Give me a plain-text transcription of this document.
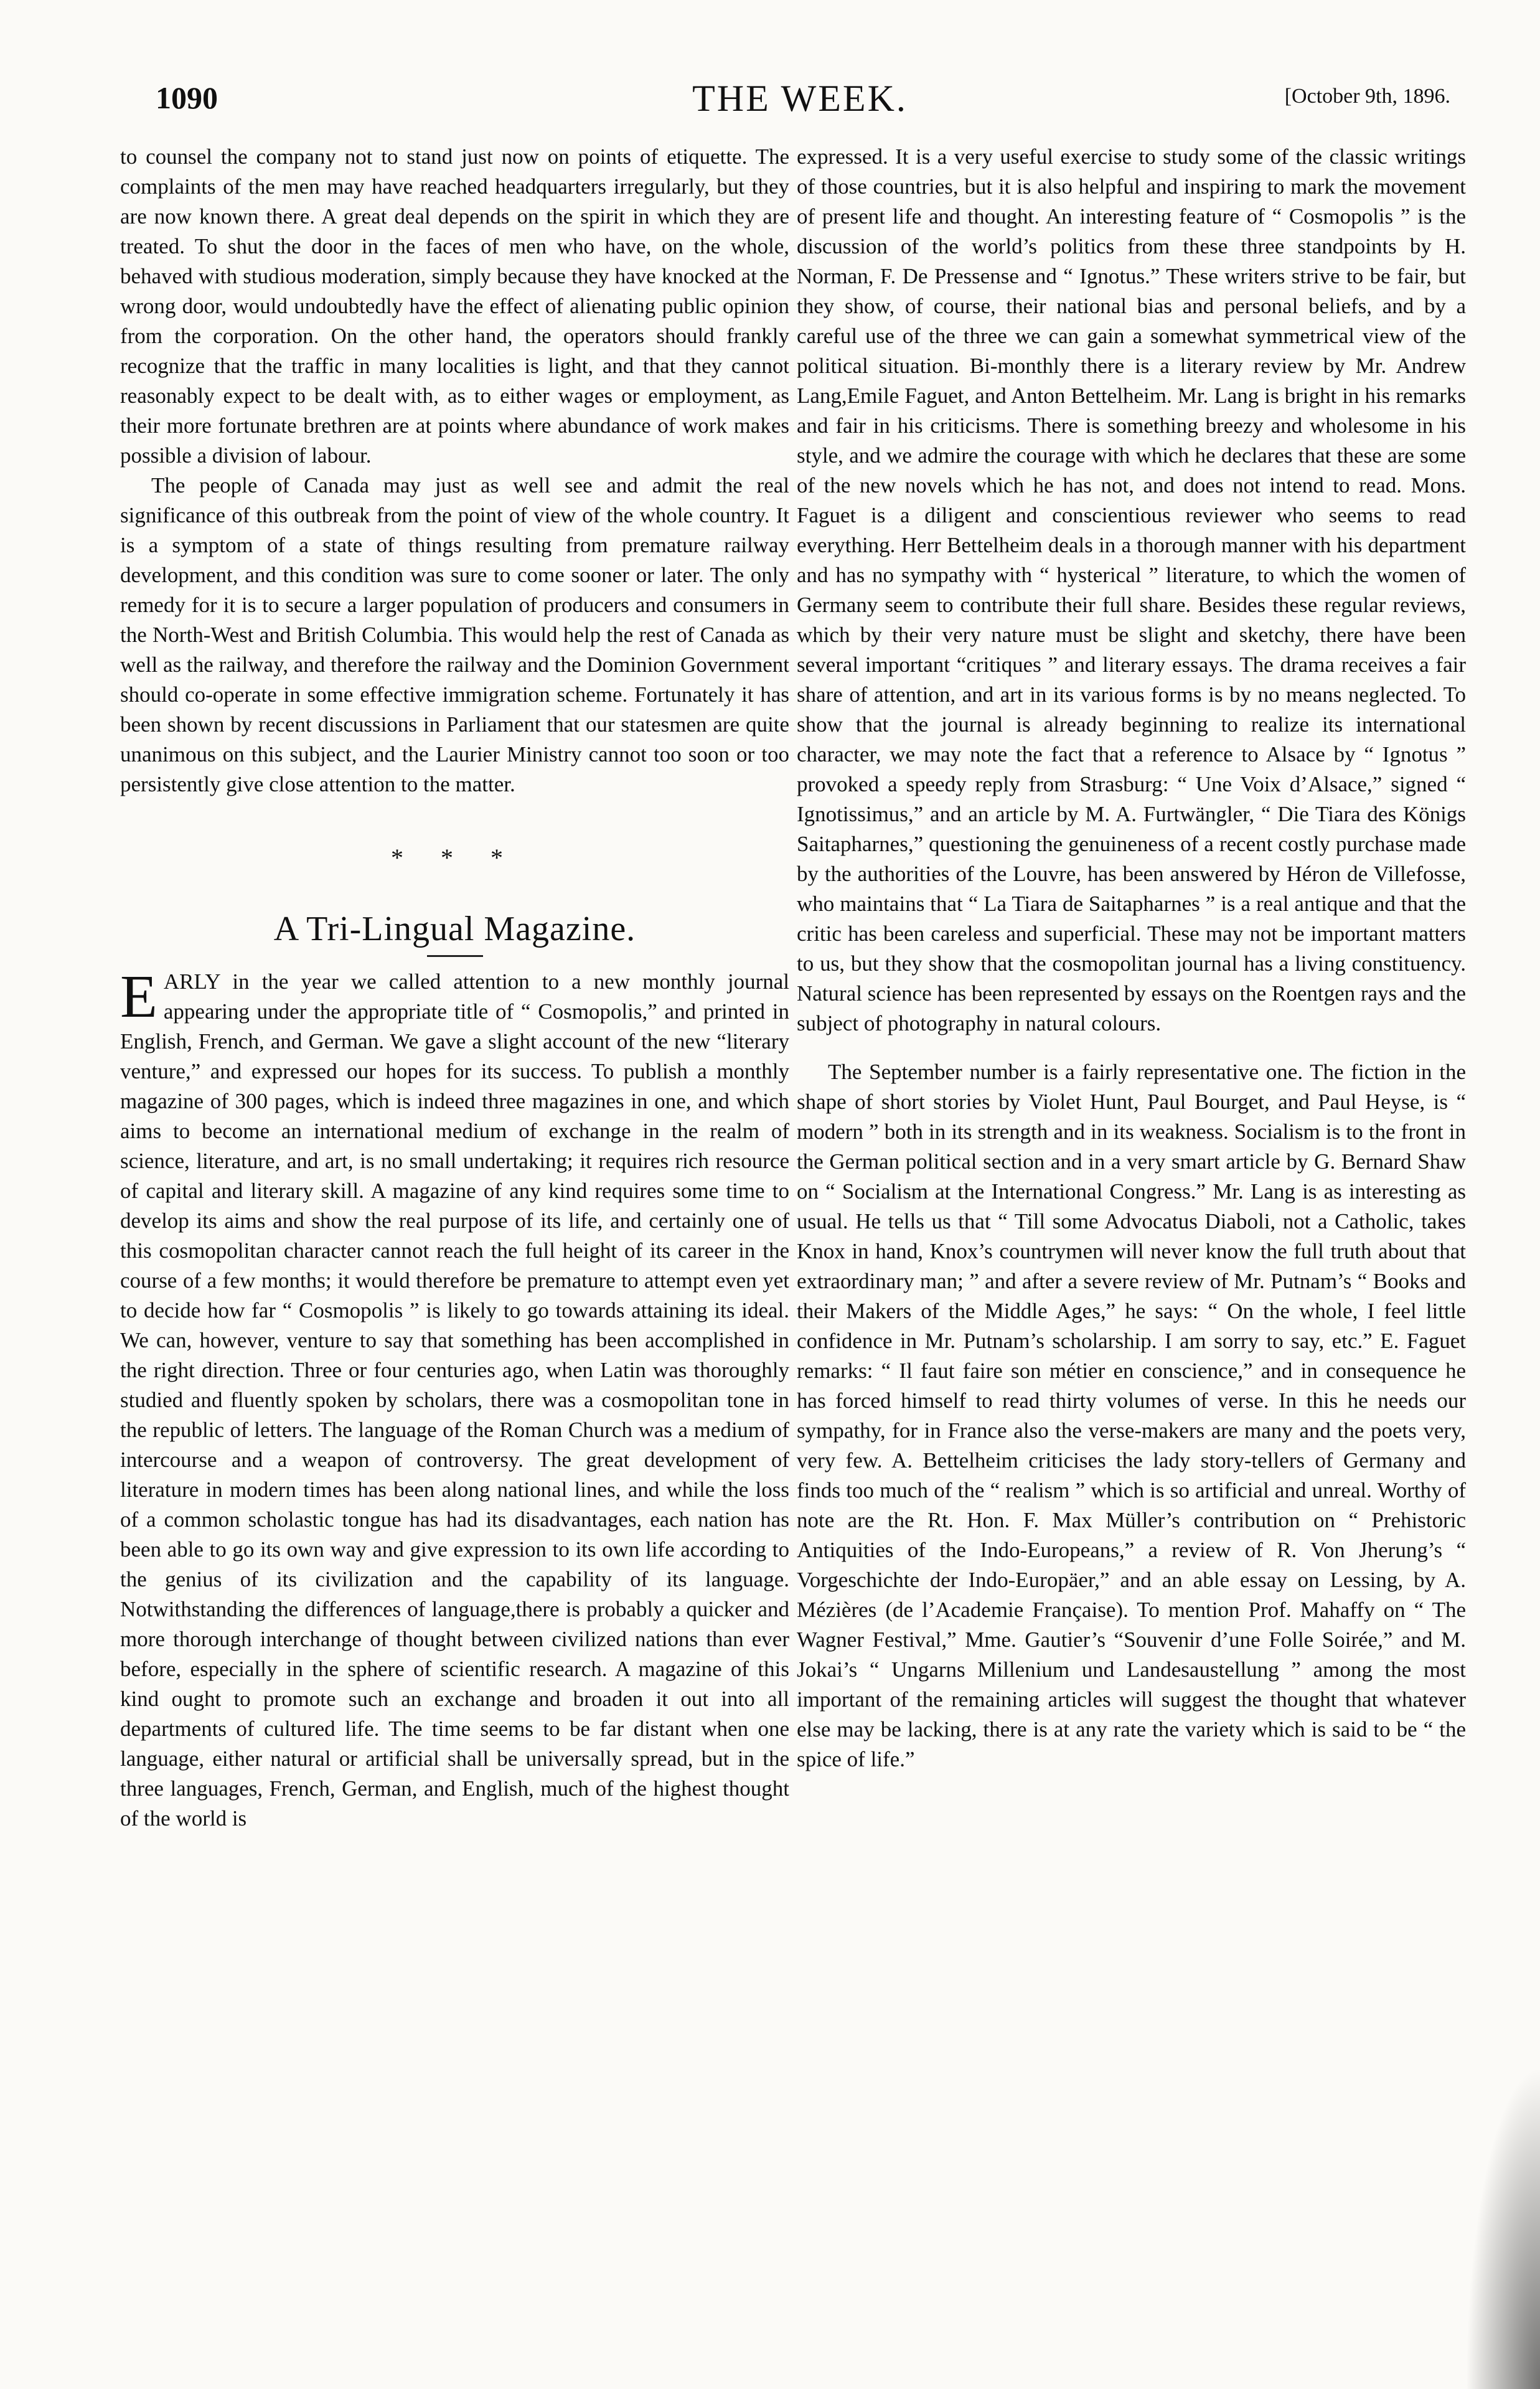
1090	THE WEEK.	[October 9th, 1896.

to counsel the company not to stand just now on points of etiquette. The complaints of the men may have reached headquarters irregularly, but they are now known there. A great deal depends on the spirit in which they are treated. To shut the door in the faces of men who have, on the whole, behaved with studious moderation, simply because they have knocked at the wrong door, would undoubtedly have the effect of alienating public opinion from the corporation. On the other hand, the operators should frankly recognize that the traffic in many localities is light, and that they cannot reasonably expect to be dealt with, as to either wages or employment, as their more fortunate brethren are at points where abundance of work makes possible a division of labour.

The people of Canada may just as well see and admit the real significance of this outbreak from the point of view of the whole country. It is a symptom of a state of things resulting from premature railway development, and this condition was sure to come sooner or later. The only remedy for it is to secure a larger population of producers and consumers in the North-West and British Columbia. This would help the rest of Canada as well as the railway, and therefore the railway and the Dominion Government should co-operate in some effective immigration scheme. Fortunately it has been shown by recent discussions in Parliament that our statesmen are quite unanimous on this subject, and the Laurier Ministry cannot too soon or too persistently give close attention to the matter.

* * *
A Tri-Lingual Magazine.

EARLY in the year we called attention to a new monthly journal appearing under the appropriate title of “ Cosmopolis,” and printed in English, French, and German. We gave a slight account of the new “literary venture,” and expressed our hopes for its success. To publish a monthly magazine of 300 pages, which is indeed three magazines in one, and which aims to become an international medium of exchange in the realm of science, literature, and art, is no small undertaking; it requires rich resource of capital and literary skill. A magazine of any kind requires some time to develop its aims and show the real purpose of its life, and certainly one of this cosmopolitan character cannot reach the full height of its career in the course of a few months; it would therefore be premature to attempt even yet to decide how far “ Cosmopolis ” is likely to go towards attaining its ideal. We can, however, venture to say that something has been accomplished in the right direction. Three or four centuries ago, when Latin was thoroughly studied and fluently spoken by scholars, there was a cosmopolitan tone in the republic of letters. The language of the Roman Church was a medium of intercourse and a weapon of controversy. The great development of literature in modern times has been along national lines, and while the loss of a common scholastic tongue has had its disadvantages, each nation has been able to go its own way and give expression to its own life according to the genius of its civilization and the capability of its language. Notwithstanding the differences of language,there is probably a quicker and more thorough interchange of thought between civilized nations than ever before, especially in the sphere of scientific research. A magazine of this kind ought to promote such an exchange and broaden it out into all departments of cultured life. The time seems to be far distant when one language, either natural or artificial shall be universally spread, but in the three languages, French, German, and English, much of the highest thought of the world is

expressed. It is a very useful exercise to study some of the classic writings of those countries, but it is also helpful and inspiring to mark the movement of present life and thought. An interesting feature of “ Cosmopolis ” is the discussion of the world’s politics from these three standpoints by H. Norman, F. De Pressense and “ Ignotus.” These writers strive to be fair, but they show, of course, their national bias and personal beliefs, and by a careful use of the three we can gain a somewhat symmetrical view of the political situation. Bi-monthly there is a literary review by Mr. Andrew Lang,Emile Faguet, and Anton Bettelheim. Mr. Lang is bright in his remarks and fair in his criticisms. There is something breezy and wholesome in his style, and we admire the courage with which he declares that these are some of the new novels which he has not, and does not intend to read. Mons. Faguet is a diligent and conscientious reviewer who seems to read everything. Herr Bettelheim deals in a thorough manner with his department and has no sympathy with “ hysterical ” literature, to which the women of Germany seem to contribute their full share. Besides these regular reviews, which by their very nature must be slight and sketchy, there have been several important “critiques ” and literary essays. The drama receives a fair share of attention, and art in its various forms is by no means neglected. To show that the journal is already beginning to realize its international character, we may note the fact that a reference to Alsace by “ Ignotus ” provoked a speedy reply from Strasburg: “ Une Voix d’Alsace,” signed “ Ignotissimus,” and an article by M. A. Furtwängler, “ Die Tiara des Königs Saitapharnes,” questioning the genuineness of a recent costly purchase made by the authorities of the Louvre, has been answered by Héron de Villefosse, who maintains that “ La Tiara de Saitapharnes ” is a real antique and that the critic has been careless and superficial. These may not be important matters to us, but they show that the cosmopolitan journal has a living constituency. Natural science has been represented by essays on the Roentgen rays and the subject of photography in natural colours.

The September number is a fairly representative one. The fiction in the shape of short stories by Violet Hunt, Paul Bourget, and Paul Heyse, is “ modern ” both in its strength and in its weakness. Socialism is to the front in the German political section and in a very smart article by G. Bernard Shaw on “ Socialism at the International Congress.” Mr. Lang is as interesting as usual. He tells us that “ Till some Advocatus Diaboli, not a Catholic, takes Knox in hand, Knox’s countrymen will never know the full truth about that extraordinary man; ” and after a severe review of Mr. Putnam’s “ Books and their Makers of the Middle Ages,” he says: “ On the whole, I feel little confidence in Mr. Putnam’s scholarship. I am sorry to say, etc.” E. Faguet remarks: “ Il faut faire son métier en conscience,” and in consequence he has forced himself to read thirty volumes of verse. In this he needs our sympathy, for in France also the verse-makers are many and the poets very, very few. A. Bettelheim criticises the lady story-tellers of Germany and finds too much of the “ realism ” which is so artificial and unreal. Worthy of note are the Rt. Hon. F. Max Müller’s contribution on “ Prehistoric Antiquities of the Indo-Europeans,” a review of R. Von Jherung’s “ Vorgeschichte der Indo-Europäer,” and an able essay on Lessing, by A. Mézières (de l’Academie Française). To mention Prof. Mahaffy on “ The Wagner Festival,” Mme. Gautier’s “Souvenir d’une Folle Soirée,” and M. Jokai’s “ Ungarns Millenium und Landesaustellung ” among the most important of the remaining articles will suggest the thought that whatever else may be lacking, there is at any rate the variety which is said to be “ the spice of life.”
